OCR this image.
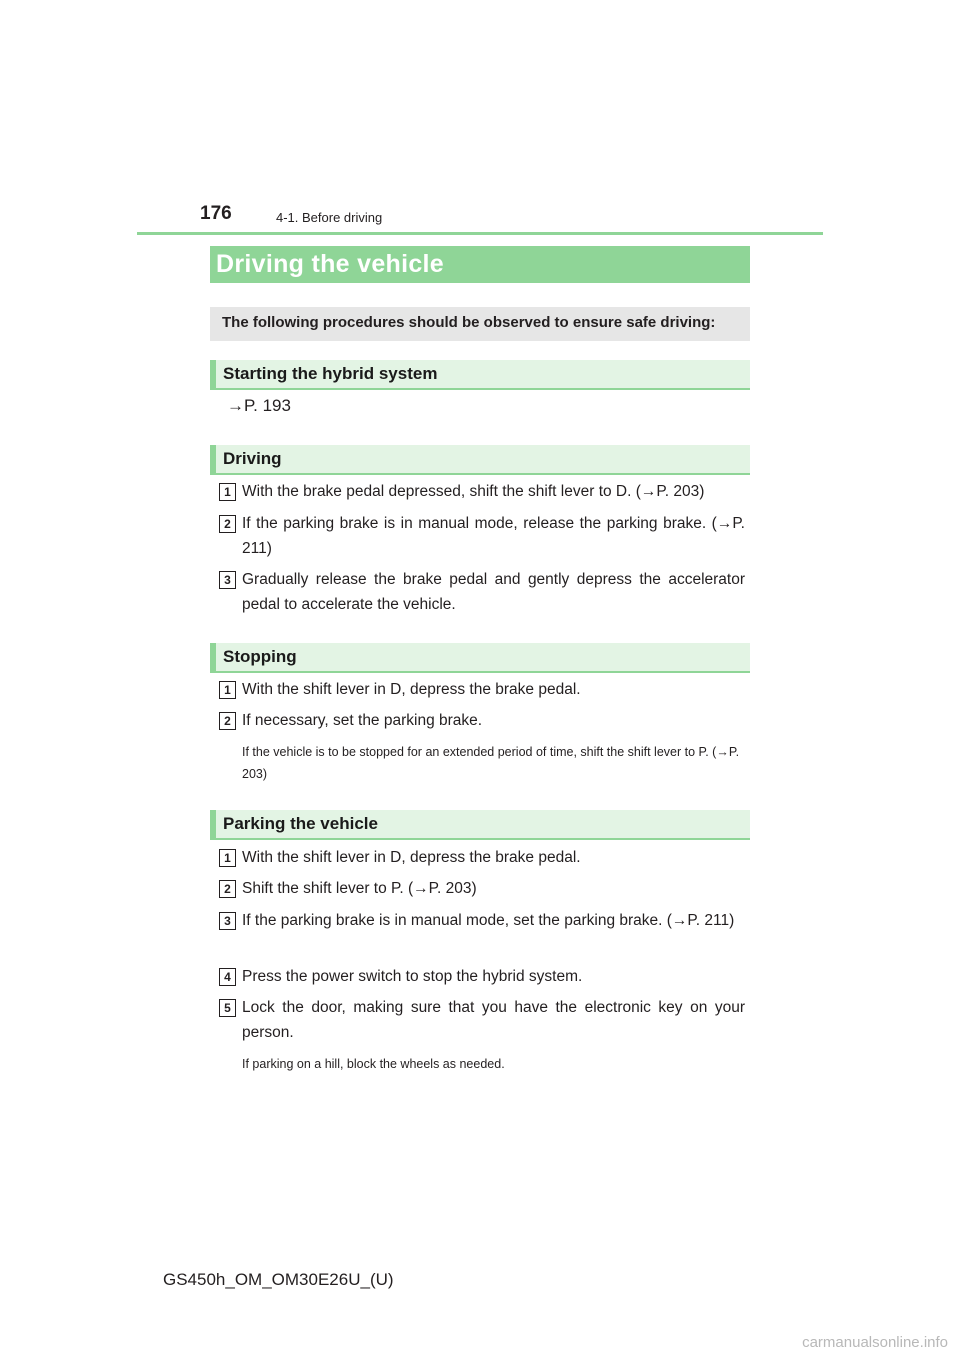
176	4-1. Before driving
Driving the vehicle
The following procedures should be observed to ensure safe driving:
Starting the hybrid system
→P. 193
Driving
1 With the brake pedal depressed, shift the shift lever to D. (→P. 203)
2 If the parking brake is in manual mode, release the parking brake. (→P. 211)
3 Gradually release the brake pedal and gently depress the accelerator pedal to accelerate the vehicle.
Stopping
1 With the shift lever in D, depress the brake pedal.
2 If necessary, set the parking brake.
If the vehicle is to be stopped for an extended period of time, shift the shift lever to P. (→P. 203)
Parking the vehicle
1 With the shift lever in D, depress the brake pedal.
2 Shift the shift lever to P. (→P. 203)
3 If the parking brake is in manual mode, set the parking brake. (→P. 211)
4 Press the power switch to stop the hybrid system.
5 Lock the door, making sure that you have the electronic key on your person.
If parking on a hill, block the wheels as needed.
GS450h_OM_OM30E26U_(U)
carmanualsonline.info
